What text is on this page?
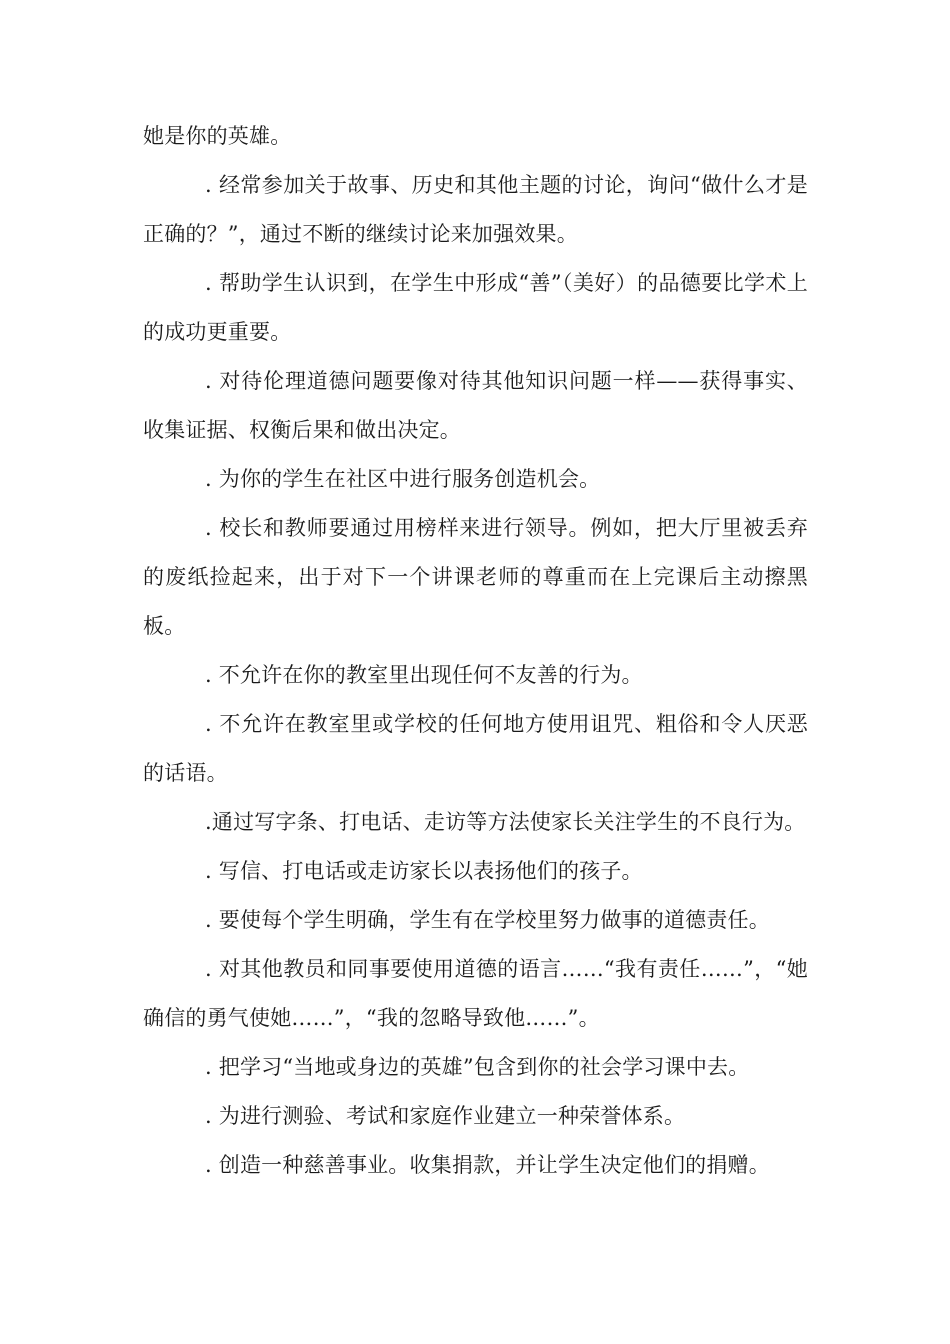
她是你的英雄。

. 经常参加关于故事、历史和其他主题的讨论，询问“做什么才是正确的？”，通过不断的继续讨论来加强效果。

. 帮助学生认识到，在学生中形成“善”（美好）的品德要比学术上的成功更重要。

. 对待伦理道德问题要像对待其他知识问题一样——获得事实、收集证据、权衡后果和做出决定。

. 为你的学生在社区中进行服务创造机会。

. 校长和教师要通过用榜样来进行领导。例如，把大厅里被丢弃的废纸捡起来，出于对下一个讲课老师的尊重而在上完课后主动擦黑板。

. 不允许在你的教室里出现任何不友善的行为。

. 不允许在教室里或学校的任何地方使用诅咒、粗俗和令人厌恶的话语。

.通过写字条、打电话、走访等方法使家长关注学生的不良行为。

. 写信、打电话或走访家长以表扬他们的孩子。

. 要使每个学生明确，学生有在学校里努力做事的道德责任。

. 对其他教员和同事要使用道德的语言……“我有责任……”，“她确信的勇气使她……”，“我的忽略导致他……”。

. 把学习“当地或身边的英雄”包含到你的社会学习课中去。

. 为进行测验、考试和家庭作业建立一种荣誉体系。

. 创造一种慈善事业。收集捐款，并让学生决定他们的捐赠。
